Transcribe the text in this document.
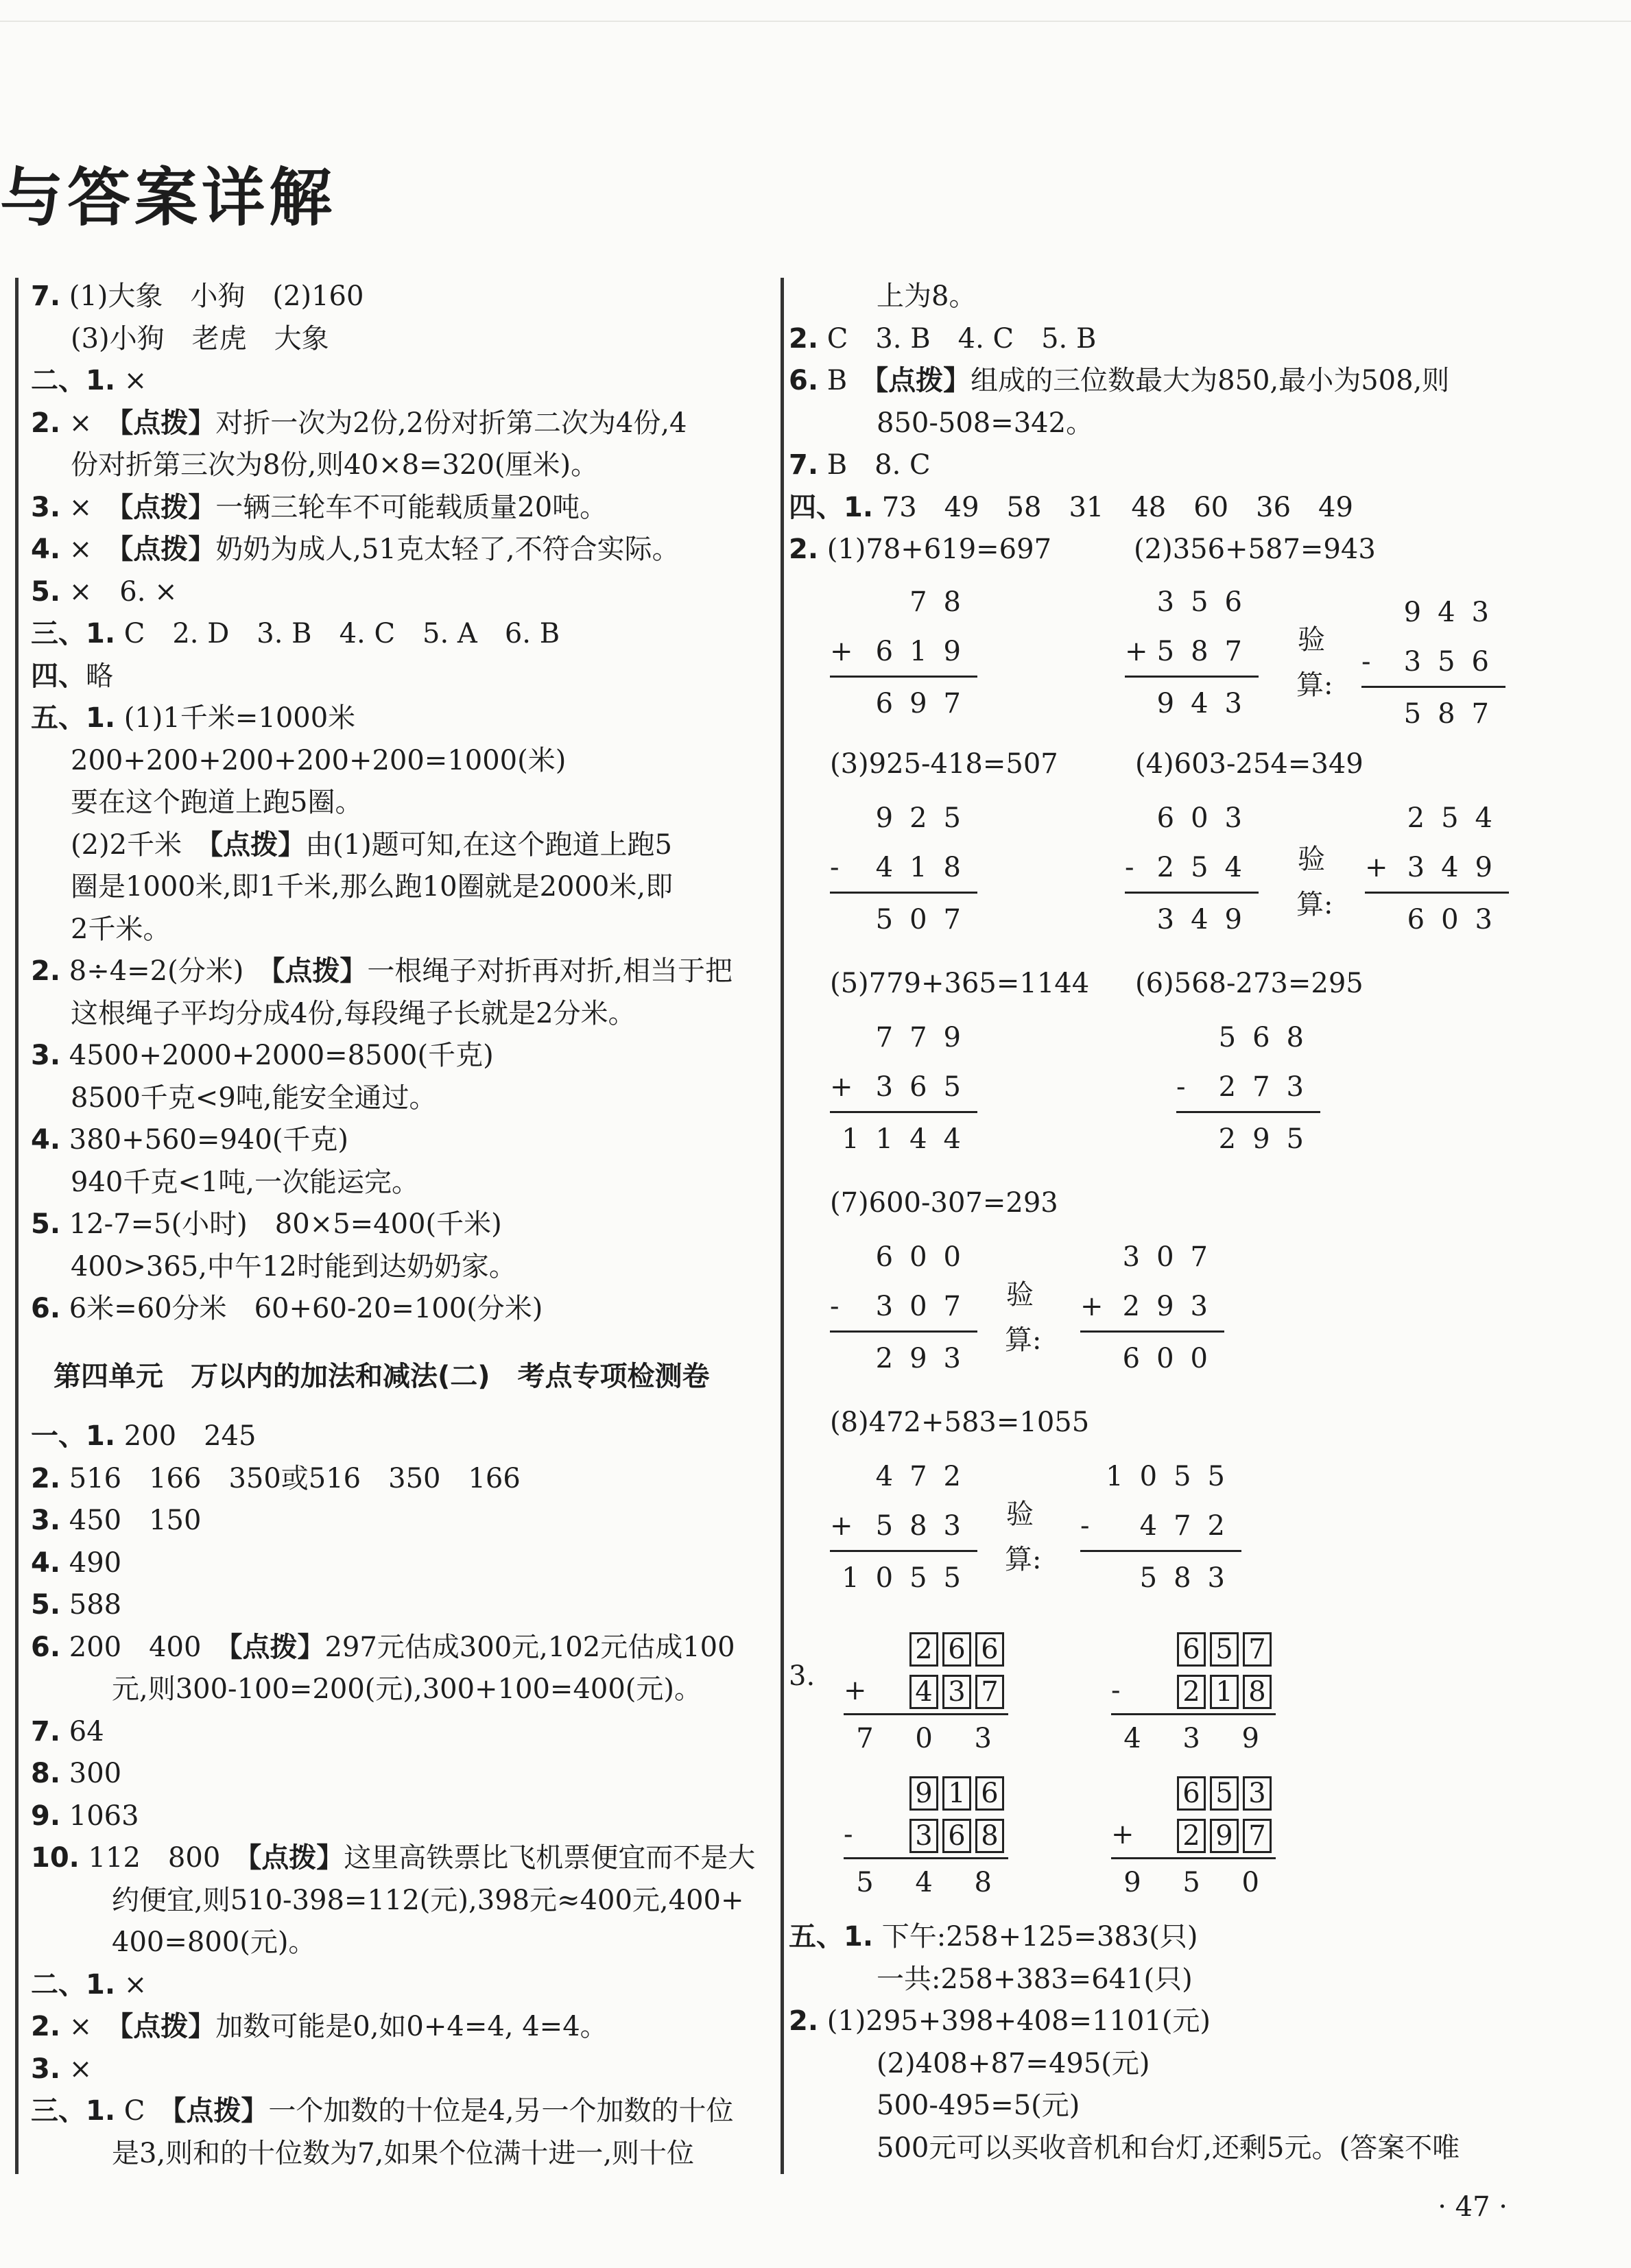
与答案详解
7. (1)大象　小狗　(2)160
(3)小狗　老虎　大象
二、1. ×
2. ×　【点拨】对折一次为2份,2份对折第二次为4份,4
份对折第三次为8份,则40×8=320(厘米)。
3. ×　【点拨】一辆三轮车不可能载质量20吨。
4. ×　【点拨】奶奶为成人,51克太轻了,不符合实际。
5. ×　6. ×
三、1. C　2. D　3. B　4. C　5. A　6. B
四、略
五、1. (1)1千米=1000米
200+200+200+200+200=1000(米)
要在这个跑道上跑5圈。
(2)2千米　【点拨】由(1)题可知,在这个跑道上跑5
圈是1000米,即1千米,那么跑10圈就是2000米,即
2千米。
2. 8÷4=2(分米)　【点拨】一根绳子对折再对折,相当于把
这根绳子平均分成4份,每段绳子长就是2分米。
3. 4500+2000+2000=8500(千克)
8500千克<9吨,能安全通过。
4. 380+560=940(千克)
940千克<1吨,一次能运完。
5. 12-7=5(小时)　80×5=400(千米)
400>365,中午12时能到达奶奶家。
6. 6米=60分米　60+60-20=100(分米)
第四单元　万以内的加法和减法(二)　考点专项检测卷
一、1. 200　245
2. 516　166　350或516　350　166
3. 450　150
4. 490
5. 588
6. 200　400　【点拨】297元估成300元,102元估成100
元,则300-100=200(元),300+100=400(元)。
7. 64
8. 300
9. 1063
10. 112　800　【点拨】这里高铁票比飞机票便宜而不是大
约便宜,则510-398=112(元),398元≈400元,400+
400=800(元)。
二、1. ×
2. ×　【点拨】加数可能是0,如0+4=4, 4=4。
3. ×
三、1. C　【点拨】一个加数的十位是4,另一个加数的十位
是3,则和的十位数为7,如果个位满十进一,则十位
上为8。
2. C　3. B　4. C　5. B
6. B　【点拨】组成的三位数最大为850,最小为508,则
850-508=342。
7. B　8. C
四、1. 73　49　58　31　48　60　36　49
2. (1)78+619=697　　　(2)356+587=943
(3)925-418=507	(4)603-254=349
(5)779+365=1144 (6)568-273=295
(7)600-307=293
(8)472+583=1055
78
+ 619
697
356
+ 587
943
验
算:
943
- 356
587
925
- 418
507
603
- 254
349
验
算:
254
+ 349
603
779
+ 365
1144
568
- 273
295
600
- 307
293
验
算:
307
+ 293
600
472
+ 583
1055
验
算:
1055
- 472
583
3.
2 6 6
+ 4 3 7
7 0 3
6 5 7
- 2 1 8
4 3 9
9 1 6
- 3 6 8
5 4 8
6 5 3
+ 2 9 7
9 5 0
五、1. 下午:258+125=383(只)
一共:258+383=641(只)
2. (1)295+398+408=1101(元)
(2)408+87=495(元)
500-495=5(元)
500元可以买收音机和台灯,还剩5元。(答案不唯
· 47 ·
